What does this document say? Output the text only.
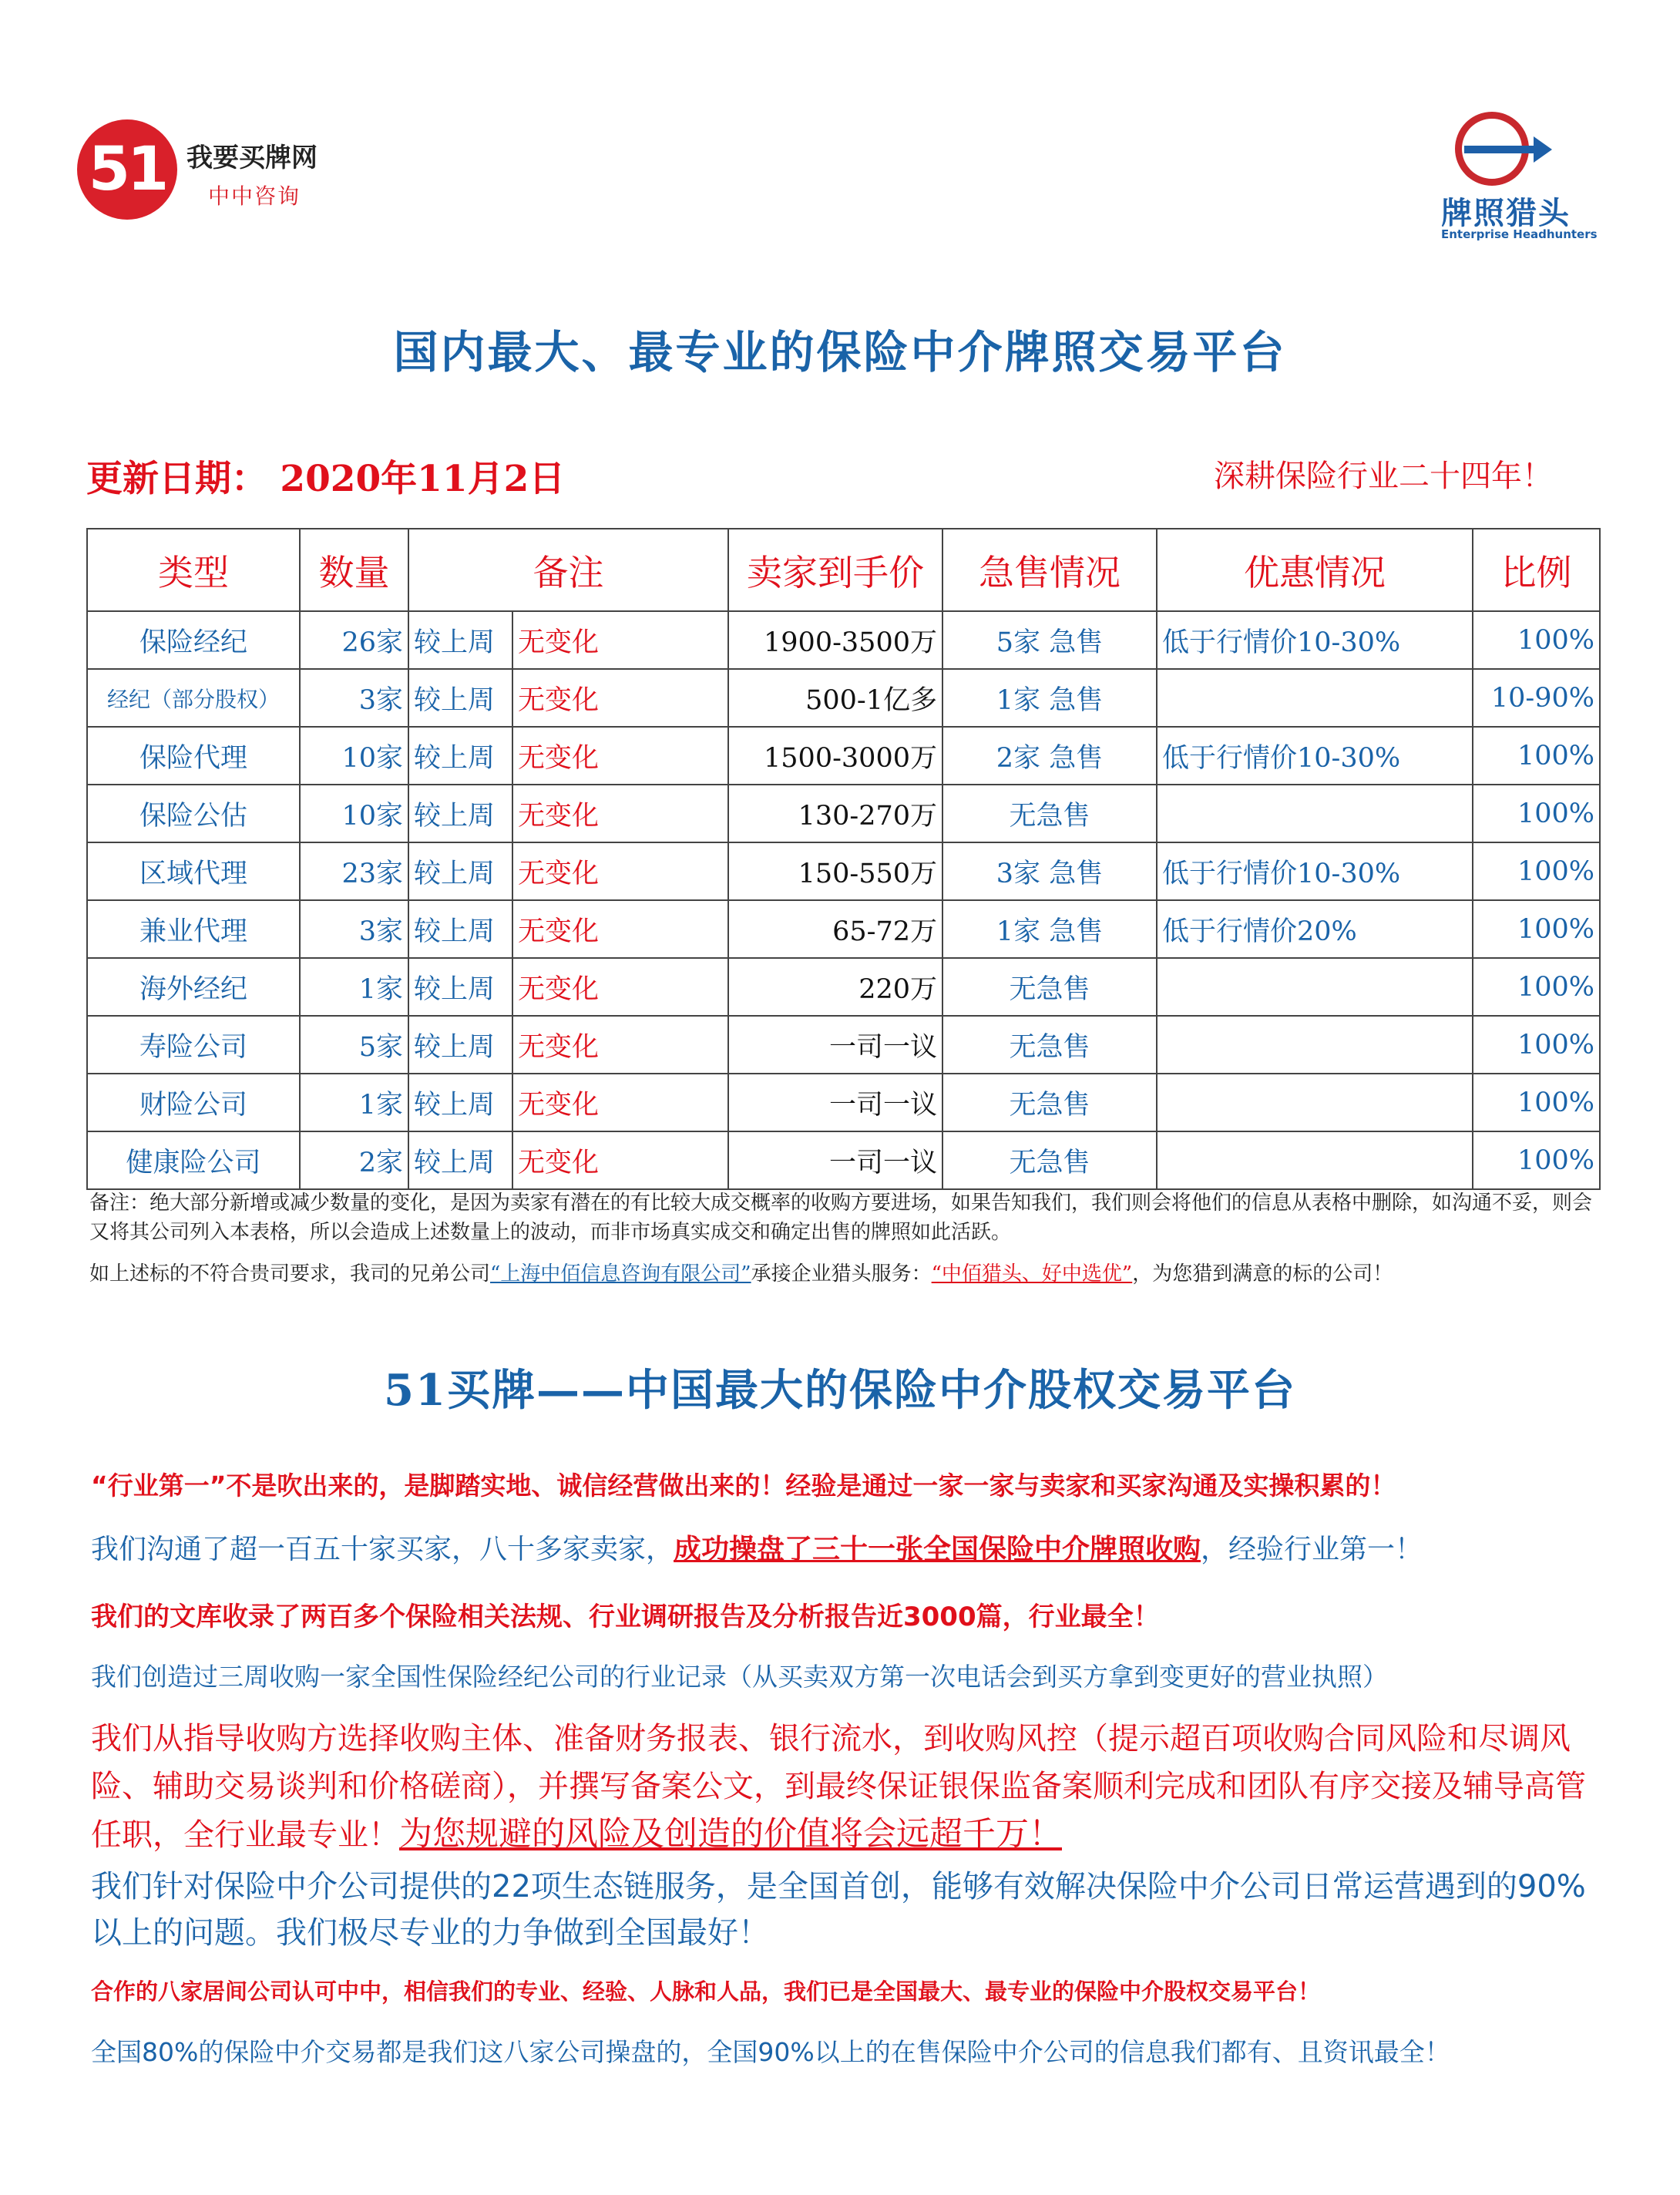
51 我要买牌网
中中咨询	牌照猎头
Enterprise Headhunters
国内最大、最专业的保险中介牌照交易平台
更新日期： 2020年11月2日	深耕保险行业二十四年！
类型	数量	备注		卖家到手价	急售情况	优惠情况	比例
保险经纪	26家	较上周	无变化	1900-3500万	5家 急售	低于行情价10-30%	100%
经纪（部分股权）	3家	较上周	无变化	500-1亿多	1家 急售		10-90%
保险代理	10家	较上周	无变化	1500-3000万	2家 急售	低于行情价10-30%	100%
保险公估	10家	较上周	无变化	130-270万	无急售		100%
区域代理	23家	较上周	无变化	150-550万	3家 急售	低于行情价10-30%	100%
兼业代理	3家	较上周	无变化	65-72万	1家 急售	低于行情价20%	100%
海外经纪	1家	较上周	无变化	220万	无急售		100%
寿险公司	5家	较上周	无变化	一司一议	无急售		100%
财险公司	1家	较上周	无变化	一司一议	无急售		100%
健康险公司	2家	较上周	无变化	一司一议	无急售		100%
备注：绝大部分新增或减少数量的变化，是因为卖家有潜在的有比较大成交概率的收购方要进场，如果告知我们，我们则会将他们的信息从表格中删除，如沟通不妥，则会又将其公司列入本表格，所以会造成上述数量上的波动，而非市场真实成交和确定出售的牌照如此活跃。
如上述标的不符合贵司要求，我司的兄弟公司“上海中佰信息咨询有限公司”承接企业猎头服务：“中佰猎头、好中选优”，为您猎到满意的标的公司！
51买牌——中国最大的保险中介股权交易平台
“行业第一”不是吹出来的，是脚踏实地、诚信经营做出来的！经验是通过一家一家与卖家和买家沟通及实操积累的！
我们沟通了超一百五十家买家，八十多家卖家，成功操盘了三十一张全国保险中介牌照收购，经验行业第一！
我们的文库收录了两百多个保险相关法规、行业调研报告及分析报告近3000篇，行业最全！
我们创造过三周收购一家全国性保险经纪公司的行业记录（从买卖双方第一次电话会到买方拿到变更好的营业执照）
我们从指导收购方选择收购主体、准备财务报表、银行流水，到收购风控（提示超百项收购合同风险和尽调风险、辅助交易谈判和价格磋商），并撰写备案公文，到最终保证银保监备案顺利完成和团队有序交接及辅导高管任职，全行业最专业！为您规避的风险及创造的价值将会远超千万！
我们针对保险中介公司提供的22项生态链服务，是全国首创，能够有效解决保险中介公司日常运营遇到的90%以上的问题。我们极尽专业的力争做到全国最好！
合作的八家居间公司认可中中，相信我们的专业、经验、人脉和人品，我们已是全国最大、最专业的保险中介股权交易平台！
全国80%的保险中介交易都是我们这八家公司操盘的，全国90%以上的在售保险中介公司的信息我们都有、且资讯最全！
